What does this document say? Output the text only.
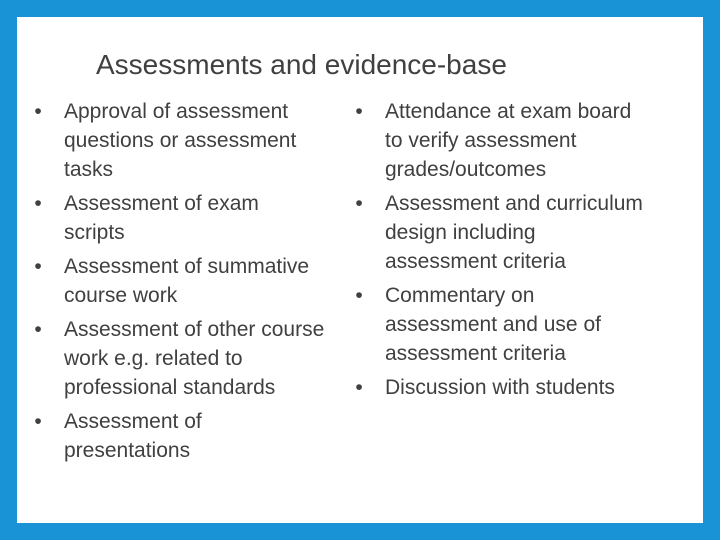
Assessments and evidence-base
•	Approval of assessment
questions or assessment
tasks
•	Assessment of exam
scripts
•	Assessment of summative
course work
•	Assessment of other course
work e.g. related to
professional standards
•	Assessment of
presentations
•	Attendance at exam board
to verify assessment
grades/outcomes
•	Assessment and curriculum
design including
assessment criteria
•	Commentary on
assessment and use of
assessment criteria
•	Discussion with students
